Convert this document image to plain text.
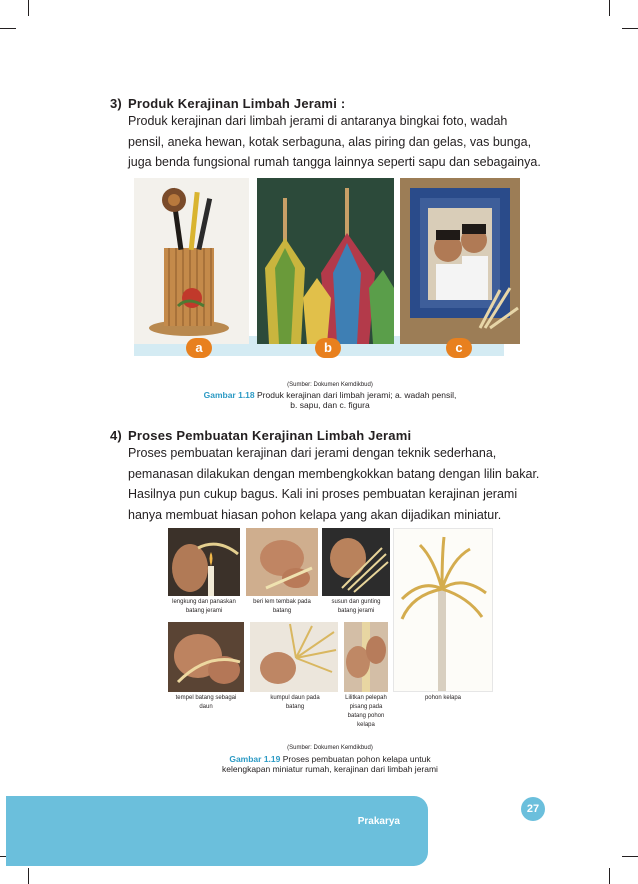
3) Produk Kerajinan Limbah Jerami :
Produk kerajinan dari limbah jerami di antaranya bingkai foto, wadah
pensil, aneka hewan, kotak serbaguna, alas piring dan gelas, vas bunga,
juga benda fungsional rumah tangga lainnya seperti sapu dan sebagainya.
a	b	c
(Sumber: Dokumen Kemdikbud)
Gambar 1.18 Produk kerajinan dari limbah jerami; a. wadah pensil,
b. sapu, dan c. figura
4) Proses Pembuatan Kerajinan Limbah Jerami
Proses pembuatan kerajinan dari jerami dengan teknik sederhana,
pemanasan dilakukan dengan membengkokkan batang dengan lilin bakar.
Hasilnya pun cukup bagus. Kali ini proses pembuatan kerajinan jerami
hanya membuat hiasan pohon kelapa yang akan dijadikan miniatur.
lengkung dan panaskan
batang jerami
beri lem tembak pada
batang
susun dan gunting
batang jerami
tempel batang sebagai
daun
kumpul daun pada
batang
Lilitkan pelepah
pisang pada
batang pohon
kelapa
pohon kelapa
(Sumber: Dokumen Kemdikbud)
Gambar 1.19 Proses pembuatan pohon kelapa untuk
kelengkapan miniatur rumah, kerajinan dari limbah jerami
Prakarya
27
